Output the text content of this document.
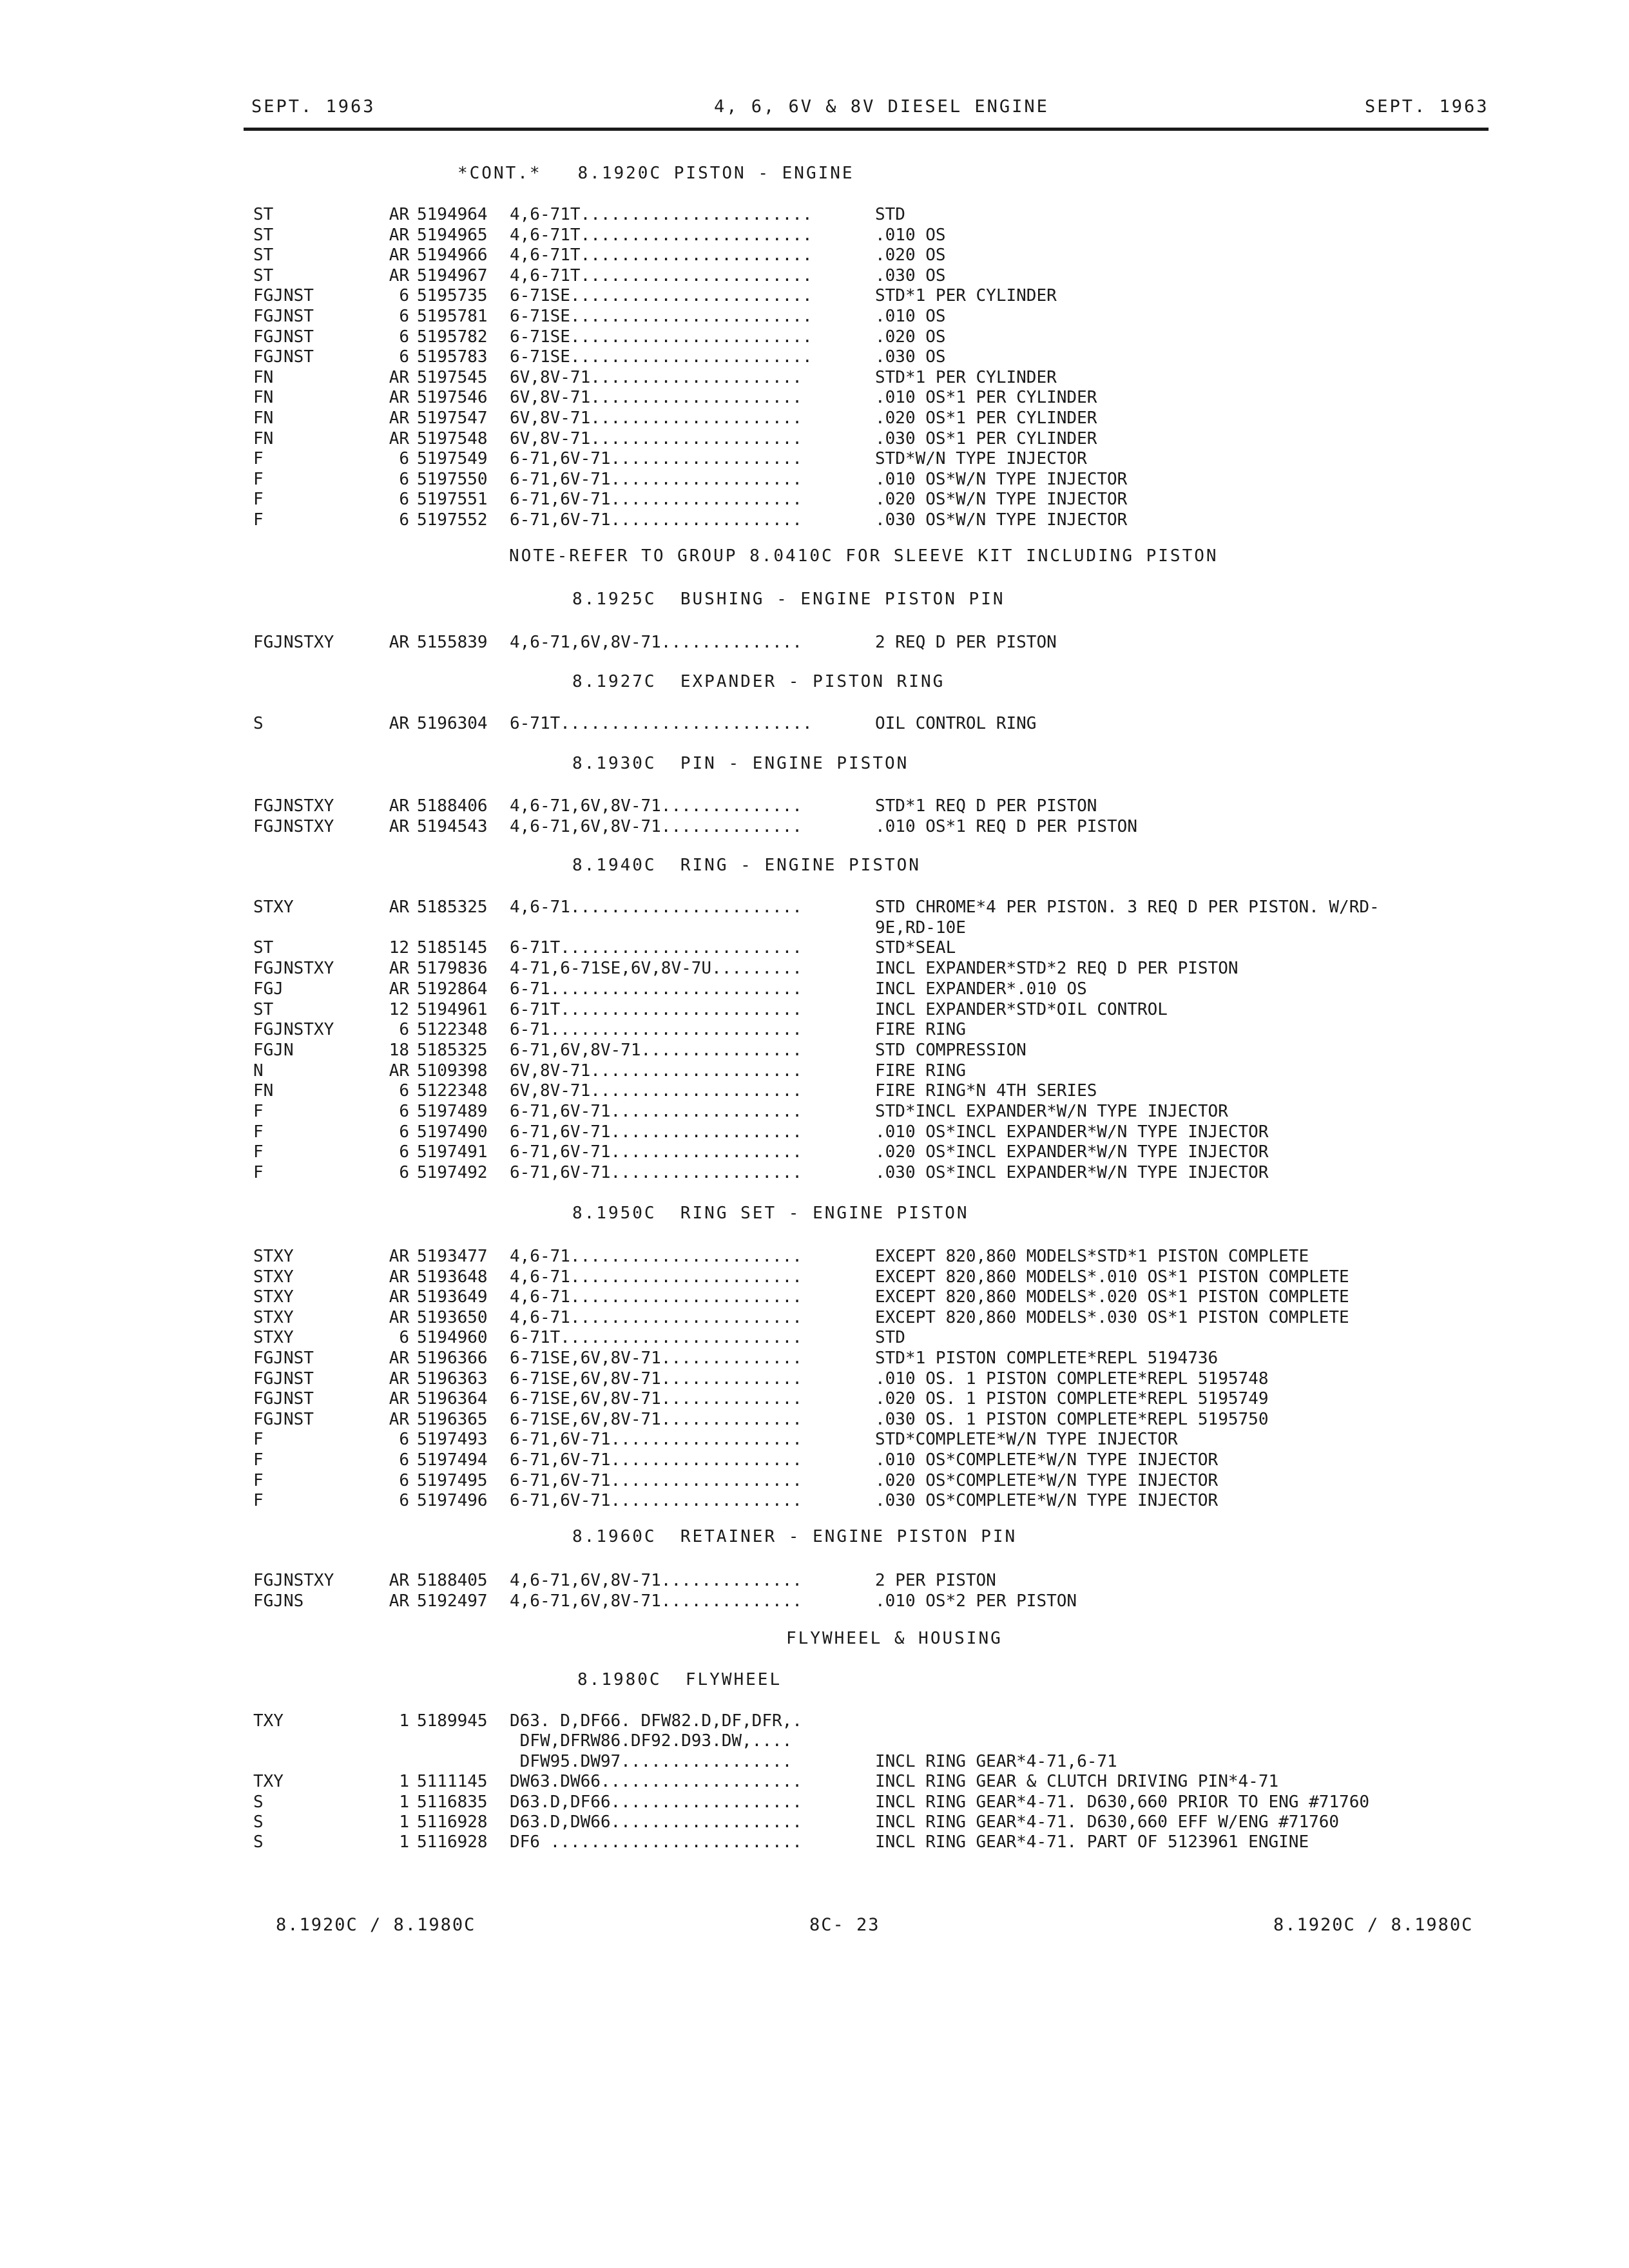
SEPT. 1963	4, 6, 6V & 8V DIESEL ENGINE	SEPT. 1963
*CONT.*   8.1920C PISTON - ENGINE
ST	AR 5194964 4,6-71T.......................	STD
ST	AR 5194965 4,6-71T.......................	.010 OS
ST	AR 5194966 4,6-71T.......................	.020 OS
ST	AR 5194967 4,6-71T.......................	.030 OS
FGJNST	6 5195735 6-71SE........................	STD*1 PER CYLINDER
FGJNST	6 5195781 6-71SE........................	.010 OS
FGJNST	6 5195782 6-71SE........................	.020 OS
FGJNST	6 5195783 6-71SE........................	.030 OS
FN	AR 5197545 6V,8V-71.....................	STD*1 PER CYLINDER
FN	AR 5197546 6V,8V-71.....................	.010 OS*1 PER CYLINDER
FN	AR 5197547 6V,8V-71.....................	.020 OS*1 PER CYLINDER
FN	AR 5197548 6V,8V-71.....................	.030 OS*1 PER CYLINDER
F	6 5197549 6-71,6V-71...................	STD*W/N TYPE INJECTOR
F	6 5197550 6-71,6V-71...................	.010 OS*W/N TYPE INJECTOR
F	6 5197551 6-71,6V-71...................	.020 OS*W/N TYPE INJECTOR
F	6 5197552 6-71,6V-71...................	.030 OS*W/N TYPE INJECTOR
NOTE-REFER TO GROUP 8.0410C FOR SLEEVE KIT INCLUDING PISTON
8.1925C  BUSHING - ENGINE PISTON PIN
FGJNSTXY	AR 5155839 4,6-71,6V,8V-71..............	2 REQ D PER PISTON
8.1927C  EXPANDER - PISTON RING
S	AR 5196304 6-71T.........................	OIL CONTROL RING
8.1930C  PIN - ENGINE PISTON
FGJNSTXY	AR 5188406 4,6-71,6V,8V-71..............	STD*1 REQ D PER PISTON
FGJNSTXY	AR 5194543 4,6-71,6V,8V-71..............	.010 OS*1 REQ D PER PISTON
8.1940C  RING - ENGINE PISTON
STXY	AR 5185325 4,6-71.......................	STD CHROME*4 PER PISTON. 3 REQ D PER PISTON. W/RD-
9E,RD-10E
ST	12 5185145 6-71T........................	STD*SEAL
FGJNSTXY	AR 5179836 4-71,6-71SE,6V,8V-7U.........	INCL EXPANDER*STD*2 REQ D PER PISTON
FGJ	AR 5192864 6-71.........................	INCL EXPANDER*.010 OS
ST	12 5194961 6-71T........................	INCL EXPANDER*STD*OIL CONTROL
FGJNSTXY	6 5122348 6-71.........................	FIRE RING
FGJN	18 5185325 6-71,6V,8V-71................	STD COMPRESSION
N	AR 5109398 6V,8V-71.....................	FIRE RING
FN	6 5122348 6V,8V-71.....................	FIRE RING*N 4TH SERIES
F	6 5197489 6-71,6V-71...................	STD*INCL EXPANDER*W/N TYPE INJECTOR
F	6 5197490 6-71,6V-71...................	.010 OS*INCL EXPANDER*W/N TYPE INJECTOR
F	6 5197491 6-71,6V-71...................	.020 OS*INCL EXPANDER*W/N TYPE INJECTOR
F	6 5197492 6-71,6V-71...................	.030 OS*INCL EXPANDER*W/N TYPE INJECTOR
8.1950C  RING SET - ENGINE PISTON
STXY	AR 5193477 4,6-71.......................	EXCEPT 820,860 MODELS*STD*1 PISTON COMPLETE
STXY	AR 5193648 4,6-71.......................	EXCEPT 820,860 MODELS*.010 OS*1 PISTON COMPLETE
STXY	AR 5193649 4,6-71.......................	EXCEPT 820,860 MODELS*.020 OS*1 PISTON COMPLETE
STXY	AR 5193650 4,6-71.......................	EXCEPT 820,860 MODELS*.030 OS*1 PISTON COMPLETE
STXY	6 5194960 6-71T........................	STD
FGJNST	AR 5196366 6-71SE,6V,8V-71..............	STD*1 PISTON COMPLETE*REPL 5194736
FGJNST	AR 5196363 6-71SE,6V,8V-71..............	.010 OS. 1 PISTON COMPLETE*REPL 5195748
FGJNST	AR 5196364 6-71SE,6V,8V-71..............	.020 OS. 1 PISTON COMPLETE*REPL 5195749
FGJNST	AR 5196365 6-71SE,6V,8V-71..............	.030 OS. 1 PISTON COMPLETE*REPL 5195750
F	6 5197493 6-71,6V-71...................	STD*COMPLETE*W/N TYPE INJECTOR
F	6 5197494 6-71,6V-71...................	.010 OS*COMPLETE*W/N TYPE INJECTOR
F	6 5197495 6-71,6V-71...................	.020 OS*COMPLETE*W/N TYPE INJECTOR
F	6 5197496 6-71,6V-71...................	.030 OS*COMPLETE*W/N TYPE INJECTOR
8.1960C  RETAINER - ENGINE PISTON PIN
FGJNSTXY	AR 5188405 4,6-71,6V,8V-71..............	2 PER PISTON
FGJNS	AR 5192497 4,6-71,6V,8V-71..............	.010 OS*2 PER PISTON
FLYWHEEL & HOUSING
8.1980C  FLYWHEEL
TXY	1 5189945 D63. D,DF66. DFW82.D,DF,DFR,.
DFW,DFRW86.DF92.D93.DW,....
DFW95.DW97.................	INCL RING GEAR*4-71,6-71
TXY	1 5111145 DW63.DW66....................	INCL RING GEAR & CLUTCH DRIVING PIN*4-71
S	1 5116835 D63.D,DF66...................	INCL RING GEAR*4-71. D630,660 PRIOR TO ENG #71760
S	1 5116928 D63.D,DW66...................	INCL RING GEAR*4-71. D630,660 EFF W/ENG #71760
S	1 5116928 DF6 .........................	INCL RING GEAR*4-71. PART OF 5123961 ENGINE
8.1920C / 8.1980C	8C- 23	8.1920C / 8.1980C
